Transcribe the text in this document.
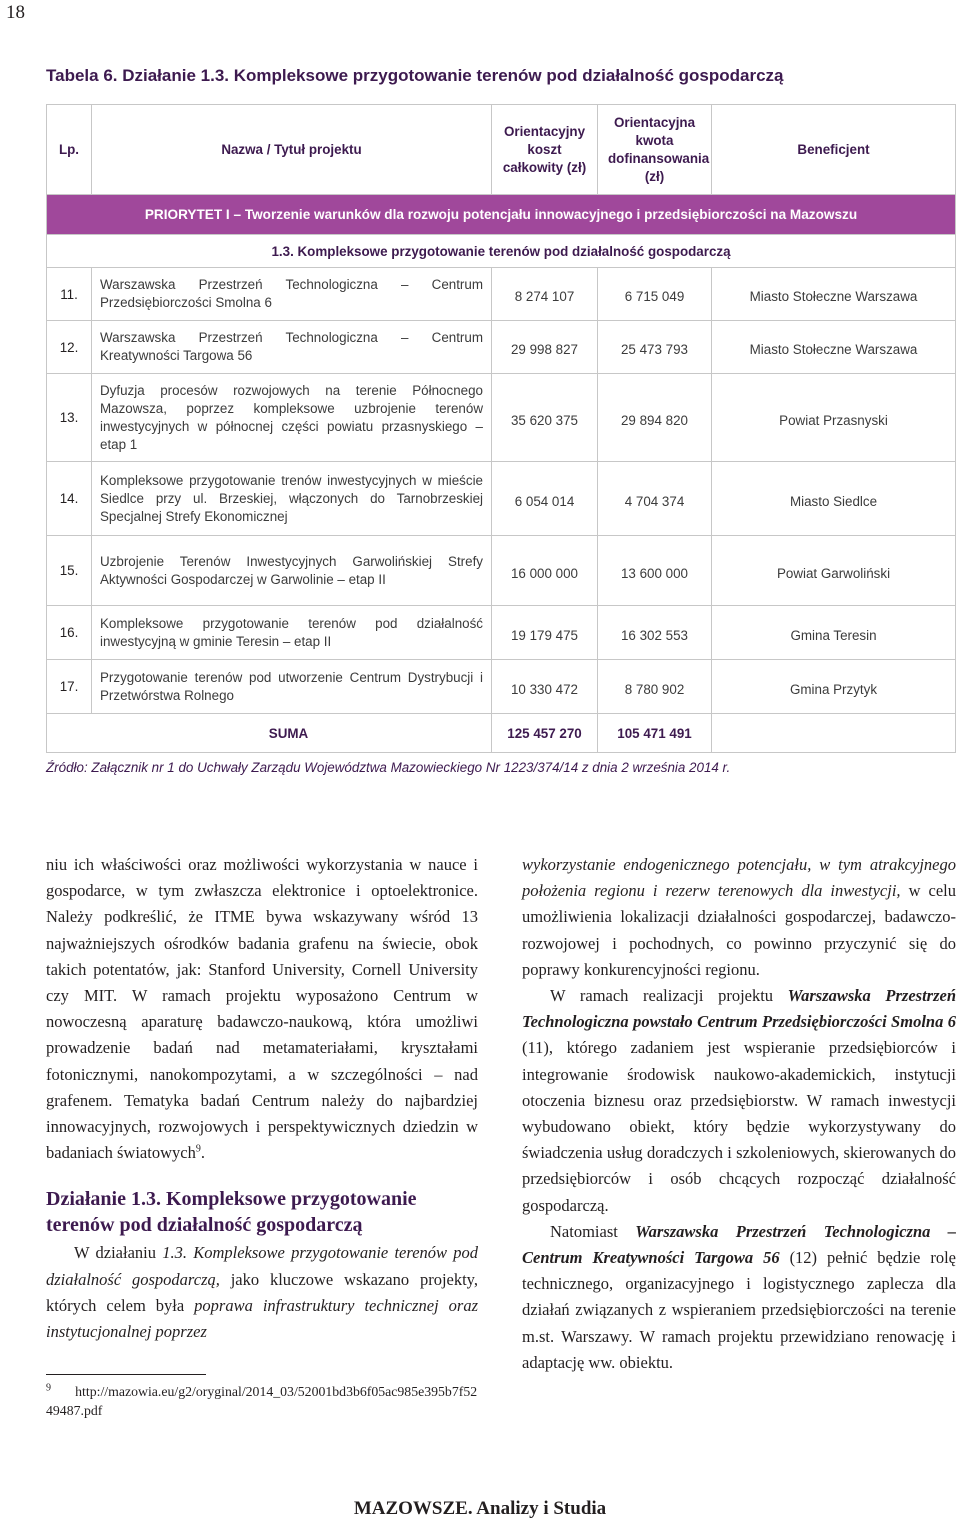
18
Tabela 6. Działanie 1.3. Kompleksowe przygotowanie terenów pod działalność gospodarczą
Lp.	Nazwa / Tytuł projektu	Orientacyjny koszt całkowity (zł)	Orientacyjna kwota dofinansowania (zł)	Beneficjent
PRIORYTET I – Tworzenie warunków dla rozwoju potencjału innowacyjnego i przedsiębiorczości na Mazowszu				
1.3. Kompleksowe przygotowanie terenów pod działalność gospodarczą				
11.	Warszawska Przestrzeń Technologiczna – Centrum Przedsiębiorczości Smolna 6	8 274 107	6 715 049	Miasto Stołeczne Warszawa
12.	Warszawska Przestrzeń Technologiczna – Centrum Kreatywności Targowa 56	29 998 827	25 473 793	Miasto Stołeczne Warszawa
13.	Dyfuzja procesów rozwojowych na terenie Północnego Mazowsza, poprzez kompleksowe uzbrojenie terenów inwestycyjnych w północnej części powiatu przasnyskiego – etap 1	35 620 375	29 894 820	Powiat Przasnyski
14.	Kompleksowe przygotowanie trenów inwestycyjnych w mieście Siedlce przy ul. Brzeskiej, włączonych do Tarnobrzeskiej Specjalnej Strefy Ekonomicznej	6 054 014	4 704 374	Miasto Siedlce
15.	Uzbrojenie Terenów Inwestycyjnych Garwolińskiej Strefy Aktywności Gospodarczej w Garwolinie – etap II	16 000 000	13 600 000	Powiat Garwoliński
16.	Kompleksowe przygotowanie terenów pod działalność inwestycyjną w gminie Teresin – etap II	19 179 475	16 302 553	Gmina Teresin
17.	Przygotowanie terenów pod utworzenie Centrum Dystrybucji i Przetwórstwa Rolnego	10 330 472	8 780 902	Gmina Przytyk
SUMA		125 457 270	105 471 491	
Źródło: Załącznik nr 1 do Uchwały Zarządu Województwa Mazowieckiego Nr 1223/374/14 z dnia 2 września 2014 r.

niu ich właściwości oraz możliwości wykorzystania w nauce i gospodarce, w tym zwłaszcza elektronice i optoelektronice. Należy podkreślić, że ITME bywa wskazywany wśród 13 najważniejszych ośrodków badania grafenu na świecie, obok takich potentatów, jak: Stanford University, Cornell University czy MIT. W ramach projektu wyposażono Centrum w nowoczesną aparaturę badawczo-naukową, która umożliwi prowadzenie badań nad metamateriałami, kryształami fotonicznymi, nanokompozytami, a w szczególności – nad grafenem. Tematyka badań Centrum należy do najbardziej innowacyjnych, rozwojowych i perspektywicznych dziedzin w badaniach światowych$^9$.

Działanie 1.3. Kompleksowe przygotowanie terenów pod działalność gospodarczą

W działaniu 1.3. Kompleksowe przygotowanie terenów pod działalność gospodarczą, jako kluczowe wskazano projekty, których celem była poprawa infrastruktury technicznej oraz instytucjonalnej poprzez

$^9$ http://mazowia.eu/g2/oryginal/2014_03/52001bd3b6f05ac985e395b7f5249487.pdf

wykorzystanie endogenicznego potencjału, w tym atrakcyjnego położenia regionu i rezerw terenowych dla inwestycji, w celu umożliwienia lokalizacji działalności gospodarczej, badawczo-rozwojowej i pochodnych, co powinno przyczynić się do poprawy konkurencyjności regionu.

W ramach realizacji projektu Warszawska Przestrzeń Technologiczna powstało Centrum Przedsiębiorczości Smolna 6 (11), którego zadaniem jest wspieranie przedsiębiorców i integrowanie środowisk naukowo-akademickich, instytucji otoczenia biznesu oraz przedsiębiorstw. W ramach inwestycji wybudowano obiekt, który będzie wykorzystywany do świadczenia usług doradczych i szkoleniowych, skierowanych do przedsiębiorców i osób chcących rozpocząć działalność gospodarczą.

Natomiast Warszawska Przestrzeń Technologiczna – Centrum Kreatywności Targowa 56 (12) pełnić będzie rolę technicznego, organizacyjnego i logistycznego zaplecza dla działań związanych z wspieraniem przedsiębiorczości na terenie m.st. Warszawy. W ramach projektu przewidziano renowację i adaptację ww. obiektu.

MAZOWSZE. Analizy i Studia
